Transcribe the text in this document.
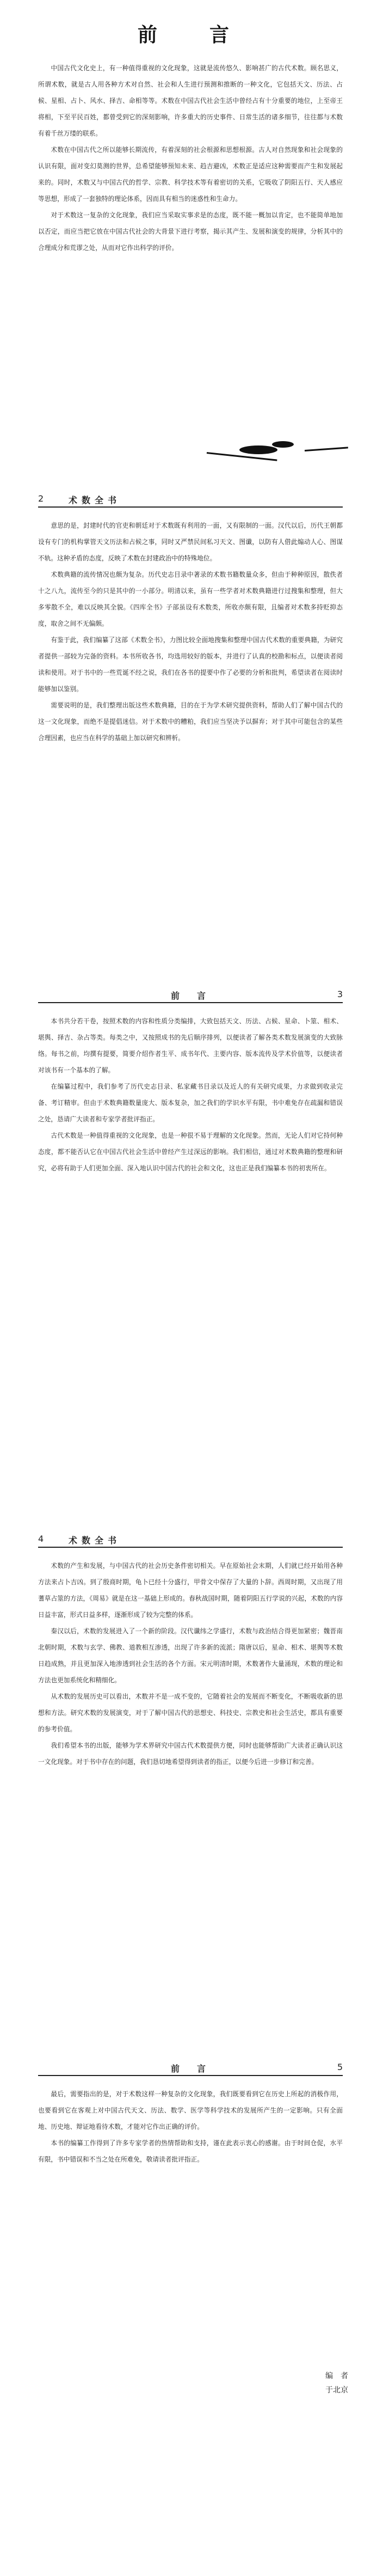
前　言

中国古代文化史上，有一种值得重视的文化现象，这就是流传悠久、影响甚广的古代术数。顾名思义，所谓术数，就是古人用各种方术对自然、社会和人生进行预测和推断的一种文化，它包括天文、历法、占候、星相、占卜、风水、择吉、命相等等。术数在中国古代社会生活中曾经占有十分重要的地位，上至帝王将相，下至平民百姓，都曾受到它的深刻影响，许多重大的历史事件、日常生活的诸多细节，往往都与术数有着千丝万缕的联系。

术数在中国古代之所以能够长期流传，有着深刻的社会根源和思想根源。古人对自然现象和社会现象的认识有限，面对变幻莫测的世界，总希望能够预知未来、趋吉避凶，术数正是适应这种需要而产生和发展起来的。同时，术数又与中国古代的哲学、宗教、科学技术等有着密切的关系，它吸收了阴阳五行、天人感应等思想，形成了一套独特的理论体系，因而具有相当的迷惑性和生命力。

对于术数这一复杂的文化现象，我们应当采取实事求是的态度，既不能一概加以肯定，也不能简单地加以否定，而应当把它放在中国古代社会的大背景下进行考察，揭示其产生、发展和演变的规律，分析其中的合理成分和荒谬之处，从而对它作出科学的评价。

2	术数全书

意思的是，封建时代的官吏和朝廷对于术数既有利用的一面，又有限制的一面。汉代以后，历代王朝都设有专门的机构掌管天文历法和占候之事，同时又严禁民间私习天文、图谶，以防有人借此煽动人心、图谋不轨。这种矛盾的态度，反映了术数在封建政治中的特殊地位。

术数典籍的流传情况也颇为复杂。历代史志目录中著录的术数书籍数量众多，但由于种种原因，散佚者十之八九，流传至今的只是其中的一小部分。明清以来，虽有一些学者对术数典籍进行过搜集和整理，但大多零散不全，难以反映其全貌。《四库全书》子部虽设有术数类，所收亦颇有限，且编者对术数多持贬抑态度，取舍之间不无偏颇。

有鉴于此，我们编纂了这部《术数全书》，力图比较全面地搜集和整理中国古代术数的重要典籍，为研究者提供一部较为完备的资料。本书所收各书，均选用较好的版本，并进行了认真的校勘和标点，以便读者阅读和使用。对于书中的一些荒诞不经之说，我们在各书的提要中作了必要的分析和批判，希望读者在阅读时能够加以鉴别。

需要说明的是，我们整理出版这些术数典籍，目的在于为学术研究提供资料，帮助人们了解中国古代的这一文化现象，而绝不是提倡迷信。对于术数中的糟粕，我们应当坚决予以摒弃；对于其中可能包含的某些合理因素，也应当在科学的基础上加以研究和辨析。

前　言	3

本书共分若干卷，按照术数的内容和性质分类编排，大致包括天文、历法、占候、星命、卜筮、相术、堪舆、择吉、杂占等类。每类之中，又按照成书的先后顺序排列，以便读者了解各类术数发展演变的大致脉络。每书之前，均撰有提要，简要介绍作者生平、成书年代、主要内容、版本流传及学术价值等，以便读者对该书有一个基本的了解。

在编纂过程中，我们参考了历代史志目录、私家藏书目录以及近人的有关研究成果，力求做到收录完备、考订精审。但由于术数典籍数量庞大、版本复杂，加之我们的学识水平有限，书中难免存在疏漏和错误之处，恳请广大读者和专家学者批评指正。

古代术数是一种值得重视的文化现象，也是一种很不易于理解的文化现象。然而，无论人们对它持何种态度，都不能否认它在中国古代社会生活中曾经产生过深远的影响。我们相信，通过对术数典籍的整理和研究，必将有助于人们更加全面、深入地认识中国古代的社会和文化，这也正是我们编纂本书的初衷所在。

4	术数全书

术数的产生和发展，与中国古代的社会历史条件密切相关。早在原始社会末期，人们就已经开始用各种方法来占卜吉凶。到了殷商时期，龟卜已经十分盛行，甲骨文中保存了大量的卜辞。西周时期，又出现了用蓍草占筮的方法，《周易》就是在这一基础上形成的。春秋战国时期，随着阴阳五行学说的兴起，术数的内容日益丰富，形式日益多样，逐渐形成了较为完整的体系。

秦汉以后，术数的发展进入了一个新的阶段。汉代谶纬之学盛行，术数与政治结合得更加紧密；魏晋南北朝时期，术数与玄学、佛教、道教相互渗透，出现了许多新的流派；隋唐以后，星命、相术、堪舆等术数日趋成熟，并且更加深入地渗透到社会生活的各个方面。宋元明清时期，术数著作大量涌现，术数的理论和方法也更加系统化和精细化。

从术数的发展历史可以看出，术数并不是一成不变的，它随着社会的发展而不断变化，不断吸收新的思想和方法。研究术数的发展演变，对于了解中国古代的思想史、科技史、宗教史和社会生活史，都具有重要的参考价值。

我们希望本书的出版，能够为学术界研究中国古代术数提供方便，同时也能够帮助广大读者正确认识这一文化现象。对于书中存在的问题，我们恳切地希望得到读者的指正，以便今后进一步修订和完善。

前　言	5

最后，需要指出的是，对于术数这样一种复杂的文化现象，我们既要看到它在历史上所起的消极作用，也要看到它在客观上对中国古代天文、历法、数学、医学等科学技术的发展所产生的一定影响。只有全面地、历史地、辩证地看待术数，才能对它作出正确的评价。

本书的编纂工作得到了许多专家学者的热情帮助和支持，谨在此表示衷心的感谢。由于时间仓促，水平有限，书中错误和不当之处在所难免，敬请读者批评指正。

编　者
于北京
